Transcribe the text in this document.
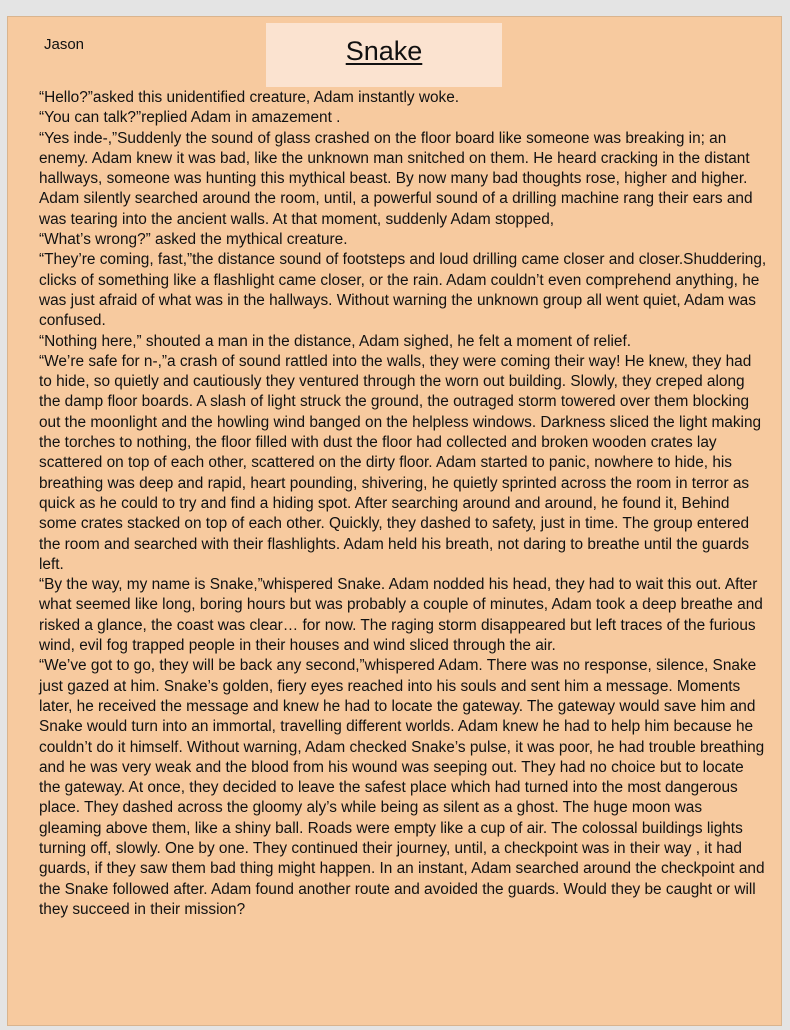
Jason	Snake

“Hello?”asked this unidentified creature, Adam instantly woke.

“You can talk?”replied Adam in amazement .

“Yes inde-,”Suddenly the sound of glass crashed on the floor board like someone was breaking in; an enemy. Adam knew it was bad, like the unknown man snitched on them. He heard cracking in the distant hallways, someone was hunting this mythical beast. By now many bad thoughts rose, higher and higher. Adam silently searched around the room, until, a powerful sound of a drilling machine rang their ears and was tearing into the ancient walls. At that moment, suddenly Adam stopped,

“What’s wrong?” asked the mythical creature.

“They’re coming, fast,”the distance sound of footsteps and loud drilling came closer and closer.Shuddering, clicks of something like a flashlight came closer, or the rain. Adam couldn’t even comprehend anything, he was just afraid of what was in the hallways. Without warning the unknown group all went quiet, Adam was confused.

“Nothing here,” shouted a man in the distance, Adam sighed, he felt a moment of relief.

“We’re safe for n-,”a crash of sound rattled into the walls, they were coming their way! He knew, they had to hide, so quietly and cautiously they ventured through the worn out building. Slowly, they creped along the damp floor boards. A slash of light struck the ground, the outraged storm towered over them blocking out the moonlight and the howling wind banged on the helpless windows. Darkness sliced the light making the torches to nothing, the floor filled with dust the floor had collected and broken wooden crates lay scattered on top of each other, scattered on the dirty floor. Adam started to panic, nowhere to hide, his breathing was deep and rapid, heart pounding, shivering, he quietly sprinted across the room in terror as quick as he could to try and find a hiding spot. After searching around and around, he found it, Behind some crates stacked on top of each other. Quickly, they dashed to safety, just in time. The group entered the room and searched with their flashlights. Adam held his breath, not daring to breathe until the guards left.

“By the way, my name is Snake,”whispered Snake. Adam nodded his head, they had to wait this out. After what seemed like long, boring hours but was probably a couple of minutes, Adam took a deep breathe and risked a glance, the coast was clear… for now. The raging storm disappeared but left traces of the furious wind, evil fog trapped people in their houses and wind sliced through the air.

“We’ve got to go, they will be back any second,”whispered Adam. There was no response, silence, Snake just gazed at him. Snake’s golden, fiery eyes reached into his souls and sent him a message. Moments later, he received the message and knew he had to locate the gateway. The gateway would save him and Snake would turn into an immortal, travelling different worlds. Adam knew he had to help him because he couldn’t do it himself. Without warning, Adam checked Snake’s pulse, it was poor, he had trouble breathing and he was very weak and the blood from his wound was seeping out. They had no choice but to locate the gateway. At once, they decided to leave the safest place which had turned into the most dangerous place. They dashed across the gloomy aly’s while being as silent as a ghost. The huge moon was gleaming above them, like a shiny ball. Roads were empty like a cup of air. The colossal buildings lights turning off, slowly. One by one. They continued their journey, until, a checkpoint was in their way , it had guards, if they saw them bad thing might happen. In an instant, Adam searched around the checkpoint and the Snake followed after. Adam found another route and avoided the guards. Would they be caught or will they succeed in their mission?
